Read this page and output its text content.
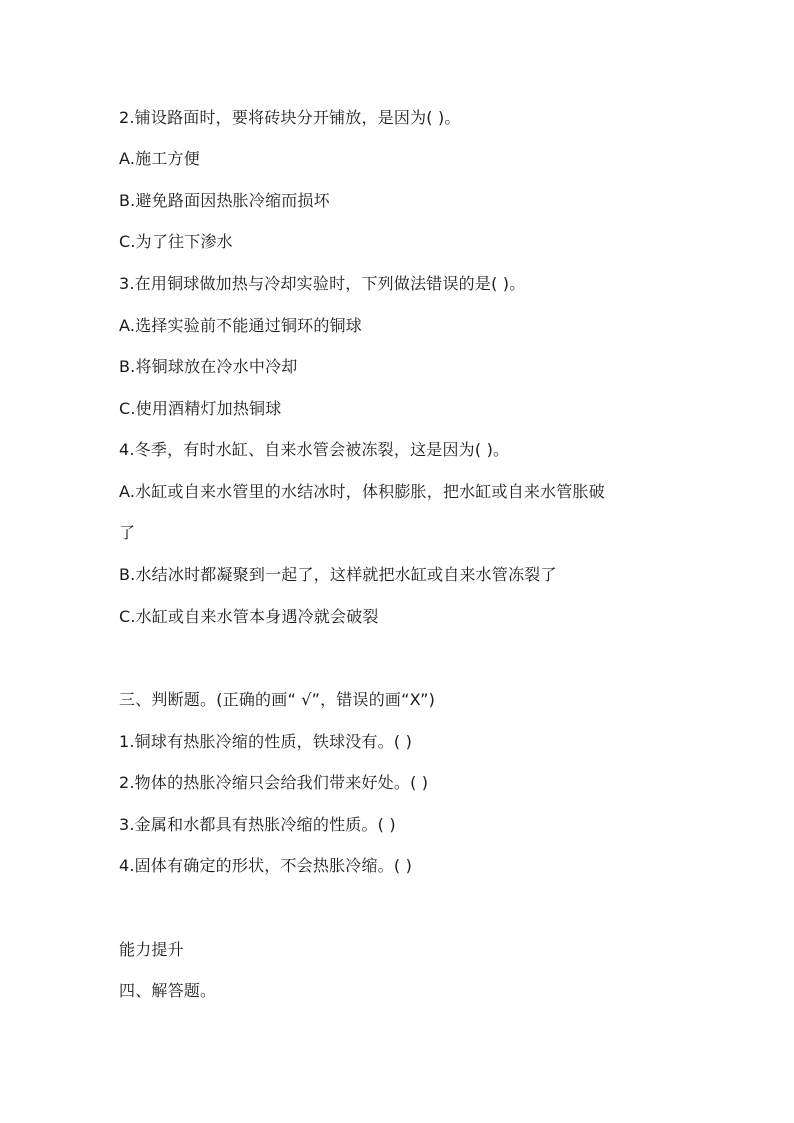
2.铺设路面时，要将砖块分开铺放，是因为( )。
A.施工方便
B.避免路面因热胀冷缩而损坏
C.为了往下渗水
3.在用铜球做加热与冷却实验时，下列做法错误的是( )。
A.选择实验前不能通过铜环的铜球
B.将铜球放在冷水中冷却
C.使用酒精灯加热铜球
4.冬季，有时水缸、自来水管会被冻裂，这是因为( )。
A.水缸或自来水管里的水结冰时，体积膨胀，把水缸或自来水管胀破
了
B.水结冰时都凝聚到一起了，这样就把水缸或自来水管冻裂了
C.水缸或自来水管本身遇冷就会破裂
三、判断题。(正确的画“ √”，错误的画“X”)
1.铜球有热胀冷缩的性质，铁球没有。( )
2.物体的热胀冷缩只会给我们带来好处。( )
3.金属和水都具有热胀冷缩的性质。( )
4.固体有确定的形状，不会热胀冷缩。( )
能力提升
四、解答题。
